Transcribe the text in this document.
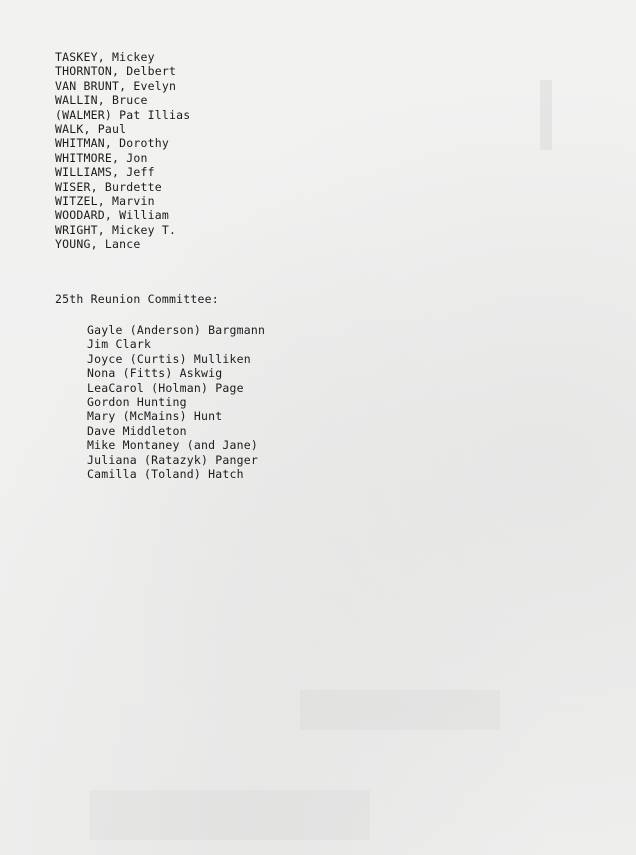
TASKEY, Mickey
THORNTON, Delbert
VAN BRUNT, Evelyn
WALLIN, Bruce
(WALMER) Pat Illias
WALK, Paul
WHITMAN, Dorothy
WHITMORE, Jon
WILLIAMS, Jeff
WISER, Burdette
WITZEL, Marvin
WOODARD, William
WRIGHT, Mickey T.
YOUNG, Lance
25th Reunion Committee:
Gayle (Anderson) Bargmann
Jim Clark
Joyce (Curtis) Mulliken
Nona (Fitts) Askwig
LeaCarol (Holman) Page
Gordon Hunting
Mary (McMains) Hunt
Dave Middleton
Mike Montaney (and Jane)
Juliana (Ratazyk) Panger
Camilla (Toland) Hatch
